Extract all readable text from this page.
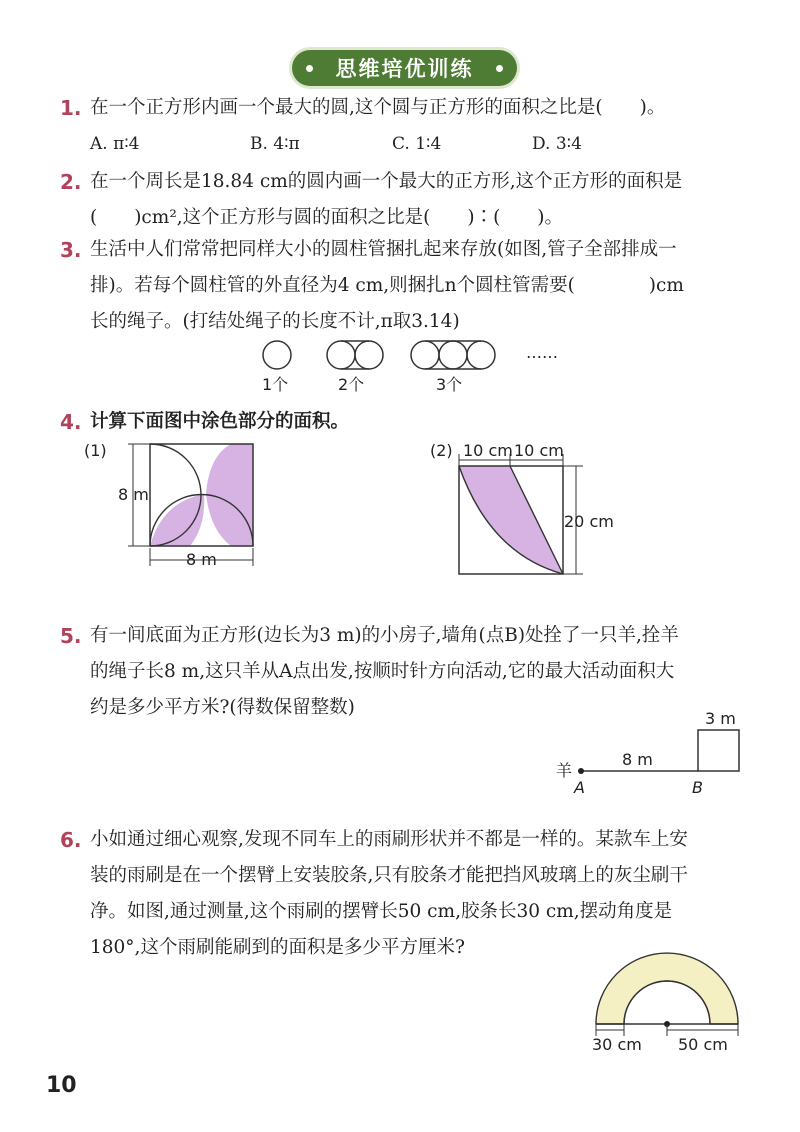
思维培优训练
1. 在一个正方形内画一个最大的圆,这个圆与正方形的面积之比是(　　)。
A. π∶4	B. 4∶π	C. 1∶4	D. 3∶4
2. 在一个周长是18.84 cm的圆内画一个最大的正方形,这个正方形的面积是
(　　)cm²,这个正方形与圆的面积之比是(　　)∶(　　)。
3. 生活中人们常常把同样大小的圆柱管捆扎起来存放(如图,管子全部排成一
排)。若每个圆柱管的外直径为4 cm,则捆扎n个圆柱管需要(　　　　)cm
长的绳子。(打结处绳子的长度不计,π取3.14)
1个	2个	3个
……
4. 计算下面图中涂色部分的面积。
(1)
8 m
8 m
(2) 10 cm 10 cm
20 cm
5. 有一间底面为正方形(边长为3 m)的小房子,墙角(点B)处拴了一只羊,拴羊
的绳子长8 m,这只羊从A点出发,按顺时针方向活动,它的最大活动面积大
约是多少平方米?(得数保留整数)
3 m
8 m
羊
A	B
6. 小如通过细心观察,发现不同车上的雨刷形状并不都是一样的。某款车上安
装的雨刷是在一个摆臂上安装胶条,只有胶条才能把挡风玻璃上的灰尘刷干
净。如图,通过测量,这个雨刷的摆臂长50 cm,胶条长30 cm,摆动角度是
180°,这个雨刷能刷到的面积是多少平方厘米?
30 cm 50 cm
10
